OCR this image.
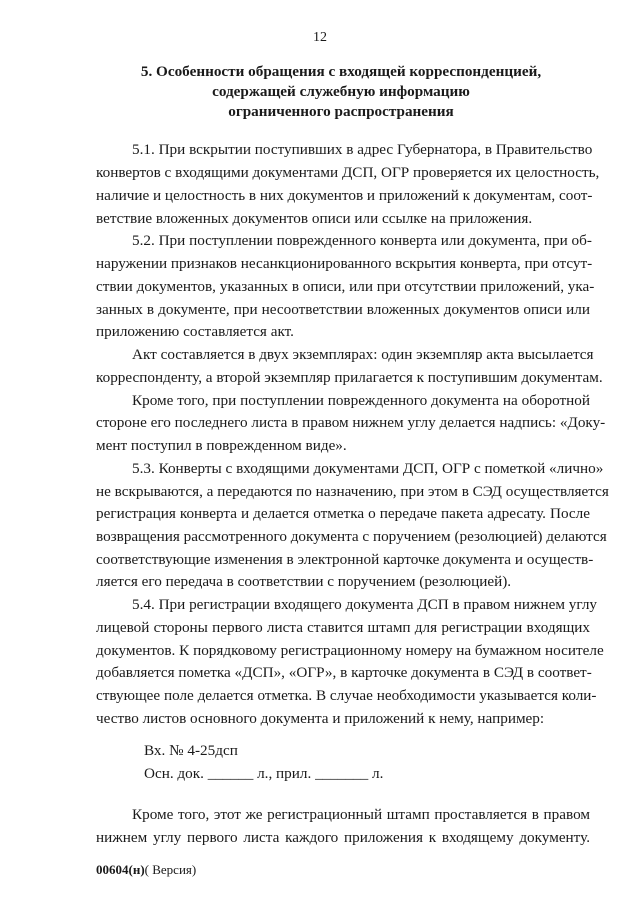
12
5. Особенности обращения с входящей корреспонденцией,
содержащей служебную информацию
ограниченного распространения
5.1. При вскрытии поступивших в адрес Губернатора, в Правительство
конвертов с входящими документами ДСП, ОГР проверяется их целостность,
наличие и целостность в них документов и приложений к документам, соот-
ветствие вложенных документов описи или ссылке на приложения.
5.2. При поступлении поврежденного конверта или документа, при об-
наружении признаков несанкционированного вскрытия конверта, при отсут-
ствии документов, указанных в описи, или при отсутствии приложений, ука-
занных в документе, при несоответствии вложенных документов описи или
приложению составляется акт.
Акт составляется в двух экземплярах: один экземпляр акта высылается
корреспонденту, а второй экземпляр прилагается к поступившим документам.
Кроме того, при поступлении поврежденного документа на оборотной
стороне его последнего листа в правом нижнем углу делается надпись: «Доку-
мент поступил в поврежденном виде».
5.3. Конверты с входящими документами ДСП, ОГР с пометкой «лично»
не вскрываются, а передаются по назначению, при этом в СЭД осуществляется
регистрация конверта и делается отметка о передаче пакета адресату. После
возвращения рассмотренного документа с поручением (резолюцией) делаются
соответствующие изменения в электронной карточке документа и осуществ-
ляется его передача в соответствии с поручением (резолюцией).
5.4. При регистрации входящего документа ДСП в правом нижнем углу
лицевой стороны первого листа ставится штамп для регистрации входящих
документов. К порядковому регистрационному номеру на бумажном носителе
добавляется пометка «ДСП», «ОГР», в карточке документа в СЭД в соответ-
ствующее поле делается отметка. В случае необходимости указывается коли-
чество листов основного документа и приложений к нему, например:
Вх. № 4-25дсп
Осн. док. ______ л., прил. _______ л.
Кроме того, этот же регистрационный штамп проставляется в правом
нижнем углу первого листа каждого приложения к входящему документу.
00604(н)( Версия)
